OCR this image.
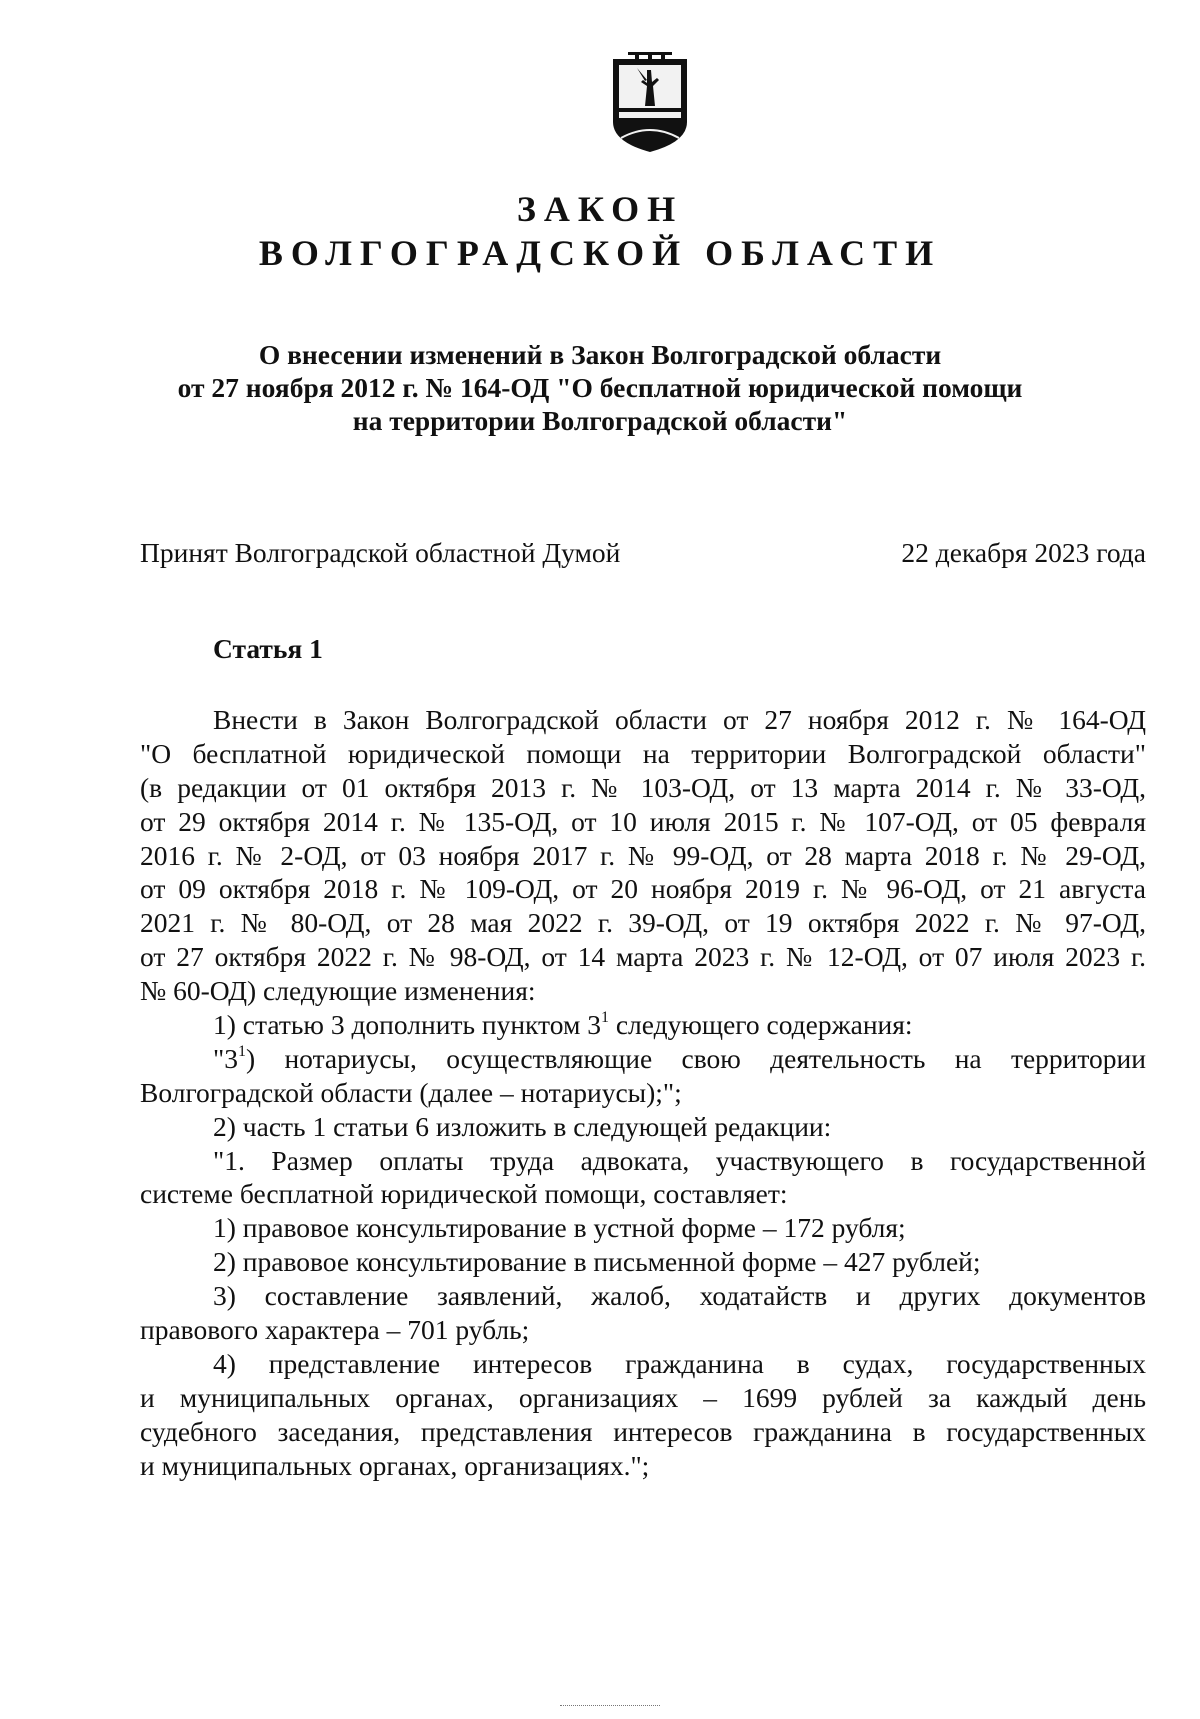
ЗАКОН
ВОЛГОГРАДСКОЙ ОБЛАСТИ
О внесении изменений в Закон Волгоградской области
от 27 ноября 2012 г. № 164-ОД "О бесплатной юридической помощи
на территории Волгоградской области"
Принят Волгоградской областной Думой	22 декабря 2023 года
Статья 1
Внести в Закон Волгоградской области от 27 ноября 2012 г. № 164-ОД
"О бесплатной юридической помощи на территории Волгоградской области"
(в редакции от 01 октября 2013 г. № 103-ОД, от 13 марта 2014 г. № 33-ОД,
от 29 октября 2014 г. № 135-ОД, от 10 июля 2015 г. № 107-ОД, от 05 февраля
2016 г. № 2-ОД, от 03 ноября 2017 г. № 99-ОД, от 28 марта 2018 г. № 29-ОД,
от 09 октября 2018 г. № 109-ОД, от 20 ноября 2019 г. № 96-ОД, от 21 августа
2021 г. № 80-ОД, от 28 мая 2022 г. 39-ОД, от 19 октября 2022 г. № 97-ОД,
от 27 октября 2022 г. № 98-ОД, от 14 марта 2023 г. № 12-ОД, от 07 июля 2023 г.
№ 60-ОД) следующие изменения:
1) статью 3 дополнить пунктом $3^1$ следующего содержания:
"$3^1$) нотариусы, осуществляющие свою деятельность на территории
Волгоградской области (далее – нотариусы);";
2) часть 1 статьи 6 изложить в следующей редакции:
"1. Размер оплаты труда адвоката, участвующего в государственной
системе бесплатной юридической помощи, составляет:
1) правовое консультирование в устной форме – 172 рубля;
2) правовое консультирование в письменной форме – 427 рублей;
3) составление заявлений, жалоб, ходатайств и других документов
правового характера – 701 рубль;
4) представление интересов гражданина в судах, государственных
и муниципальных органах, организациях – 1699 рублей за каждый день
судебного заседания, представления интересов гражданина в государственных
и муниципальных органах, организациях.";
